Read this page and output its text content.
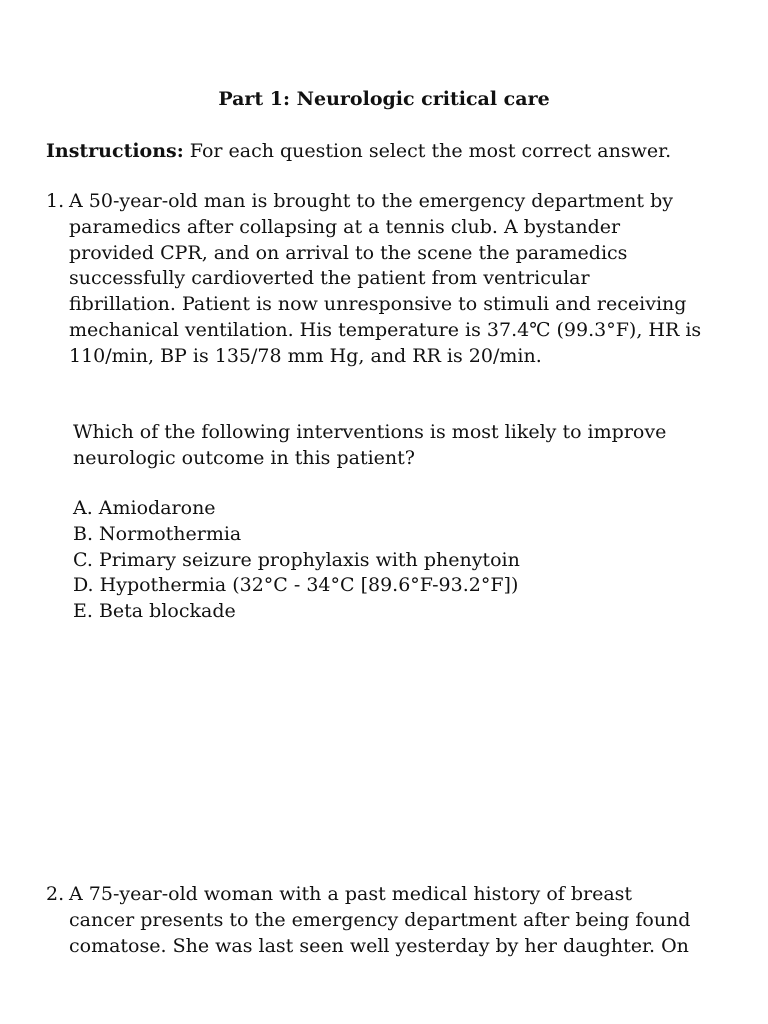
Part 1: Neurologic critical care
Instructions: For each question select the most correct answer.
1. A 50-year-old man is brought to the emergency department by
paramedics after collapsing at a tennis club. A bystander
provided CPR, and on arrival to the scene the paramedics
successfully cardioverted the patient from ventricular
fibrillation. Patient is now unresponsive to stimuli and receiving
mechanical ventilation. His temperature is 37.4℃ (99.3°F), HR is
110/min, BP is 135/78 mm Hg, and RR is 20/min.
Which of the following interventions is most likely to improve
neurologic outcome in this patient?
A. Amiodarone
B. Normothermia
C. Primary seizure prophylaxis with phenytoin
D. Hypothermia (32°C - 34°C [89.6°F-93.2°F])
E. Beta blockade
2. A 75-year-old woman with a past medical history of breast
cancer presents to the emergency department after being found
comatose. She was last seen well yesterday by her daughter. On
